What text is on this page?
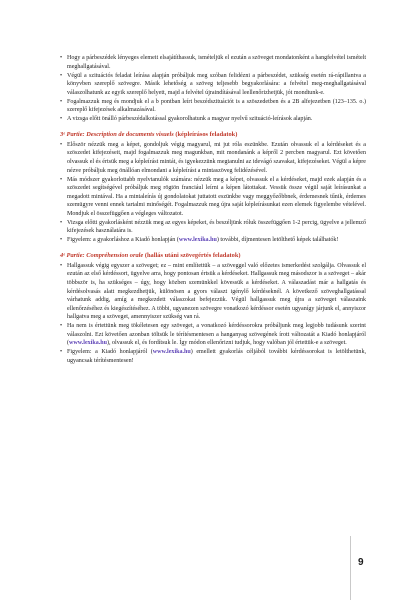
• Hogy a párbeszédek lényeges elemeit elsajátíthassuk, ismételjük el ezután a szöveget mondatonként a hangfelvétel ismételt meghallgatásával.
• Végül a szituációs feladat leírása alapján próbáljuk meg szóban felidézni a párbeszédet, szükség esetén rá-rápillantva a könyvben szereplő szövegre. Másik lehetőség a szöveg teljesebb begyakorlására: a felvétel meg-meghallgatásával válaszolhatunk az egyik szereplő helyett, majd a felvétel újraindításával leellenőrizhetjük, jót mondtunk-e.
• Fogalmazzuk meg és mondjuk el a b pontban leírt beszédszituációt is a szöszedetben és a 2B alfejezetben (123–135. o.) szereplő kifejezések alkalmazásával.
• A vizsga előtt önálló párbeszédalkotással gyakorolhatunk a magyar nyelvű szituáció-leírások alapján.
3ᵉ Partie: Description de documents visuels (képleírásos feladatok)
• Először nézzük meg a képet, gondoljuk végig magyarul, mi jut róla eszünkbe. Ezután olvassuk el a kérdéseket és a szöszedet kifejezéseit, majd fogalmazzuk meg magunkban, mit mondanánk a képről 2 percben magyarul. Ezt követően olvassuk el és értsük meg a képleírást mintát, és igyekezzünk megtanulni az idevágó szavakat, kifejezéseket. Végül a képre nézve próbáljuk meg önállóan elmondani a képleírást a mintaszöveg felidézésével.
• Más módszer gyakorlottabb nyelvtanulók számára: nézzük meg a képet, olvassuk el a kérdéseket, majd ezek alapján és a szöszedet segítségével próbáljuk meg rögtön franciául leírni a képen látottakat. Vessük össze végül saját leírásunkat a megadott mintával. Ha a mintaleírás új gondolatokat juttatott eszünkbe vagy meggyőzőbbnek, érdemesnek tűnik, érdemes szemügyre venni ennek tartalmi minőségét. Fogalmazzuk meg újra saját képleírásunkat ezen elemek figyelembe vételével. Mondjuk el összefüggően a végleges változatot.
• Vizsga előtti gyakorlásként nézzük meg az egyes képeket, és beszéljünk róluk összefüggően 1-2 percig, ügyelve a jellemző kifejezések használatára is.
• Figyelem: a gyakorláshoz a Kiadó honlapján (www.lexika.hu) további, díjmentesen letölthető képek találhatók!
4ᵉ Partie: Compréhension orale (hallás utáni szövegértés feladatok)
• Hallgassuk végig egyszer a szöveget; ez – mint említettük – a szöveggel való előzetes ismerkedést szolgálja. Olvassuk el ezután az első kérdéssort, ügyelve arra, hogy pontosan értsük a kérdéseket. Hallgassuk meg másodszor is a szöveget – akár többször is, ha szükséges – úgy, hogy közben szemünkkel kövessük a kérdéseket. A válaszadást már a hallgatás és kérdésolvasás alatt megkezdhetjük, különösen a gyors választ igénylő kérdéseknél. A következő szöveghallgatással várhatunk addig, amíg a megkezdett válaszokat befejezzük. Végül hallgassuk meg újra a szöveget válaszaink ellenőrzéséhez és kiegészítéséhez. A többi, ugyanezen szövegre vonatkozó kérdéssor esetén ugyanígy járjunk el, annyiszor hallgatva meg a szöveget, amennyiszer szükség van rá.
• Ha nem is értettünk meg tökéletesen egy szöveget, a vonatkozó kérdéssorokra próbáljunk meg legjobb tudásunk szerint válaszolni. Ezt követően azonban töltsük le térítésmentesen a hanganyag szövegének írott változatát a Kiadó honlapjáról (www.lexika.hu), olvassuk el, és fordítsuk le. Így módon ellenőrizni tudjuk, hogy valóban jól értettük-e a szöveget.
• Figyelem: a Kiadó honlapjáról (www.lexika.hu) emellett gyakorlás céljából további kérdéssorokat is letölthetünk, ugyancsak térítésmentesen!
9
